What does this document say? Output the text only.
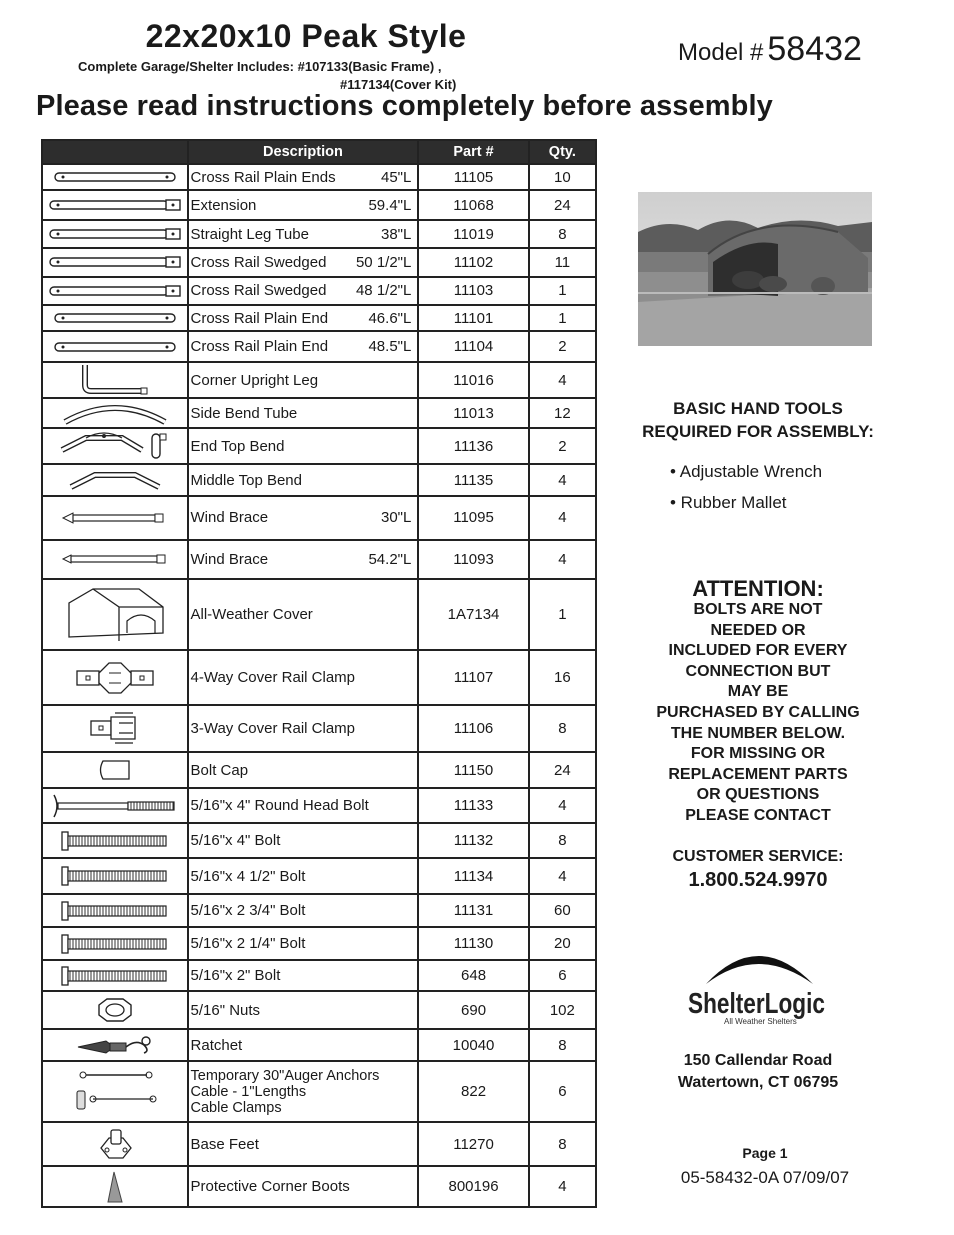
22x20x10 Peak Style
Complete Garage/Shelter Includes: #107133(Basic Frame) ,
#117134(Cover Kit)
Model # 58432
Please read instructions completely before assembly
	Description	Part #	Qty.

Cross Rail Plain Ends 45"L	11105	10

Extension 59.4"L	11068	24

Straight Leg Tube 38"L	11019	8

Cross Rail Swedged 50 1/2"L	11102	11

Cross Rail Swedged 48 1/2"L	11103	1

Cross Rail Plain End 46.6"L	11101	1

Cross Rail Plain End 48.5"L	11104	2

Corner Upright Leg	11016	4

Side Bend Tube	11013	12

End Top Bend	11136	2

Middle Top Bend	11135	4

Wind Brace 30"L	11095	4

Wind Brace 54.2"L	11093	4

All-Weather Cover	1A7134	1

4-Way Cover Rail Clamp	11107	16

3-Way Cover Rail Clamp	11106	8

Bolt Cap	11150	24

5/16"x 4" Round Head Bolt	11133	4

5/16"x 4" Bolt	11132	8

5/16"x 4 1/2" Bolt	11134	4

5/16"x 2 3/4" Bolt	11131	60

5/16"x 2 1/4" Bolt	11130	20

5/16"x 2" Bolt	648	6

5/16" Nuts	690	102

Ratchet	10040	8

Temporary 30"Auger Anchors
Cable - 1"Lengths
Cable Clamps	822	6

Base Feet	11270	8

Protective Corner Boots	800196	4
BASIC HAND TOOLS
REQUIRED FOR ASSEMBLY:
• Adjustable Wrench
• Rubber Mallet
ATTENTION:
BOLTS ARE NOT
NEEDED OR
INCLUDED FOR EVERY
CONNECTION BUT
MAY BE
PURCHASED BY CALLING
THE NUMBER BELOW.
FOR MISSING OR
REPLACEMENT PARTS
OR QUESTIONS
PLEASE CONTACT
CUSTOMER SERVICE:
1.800.524.9970
ShelterLogic
All Weather Shelters
150 Callendar Road
Watertown, CT 06795
Page 1
05-58432-0A 07/09/07
